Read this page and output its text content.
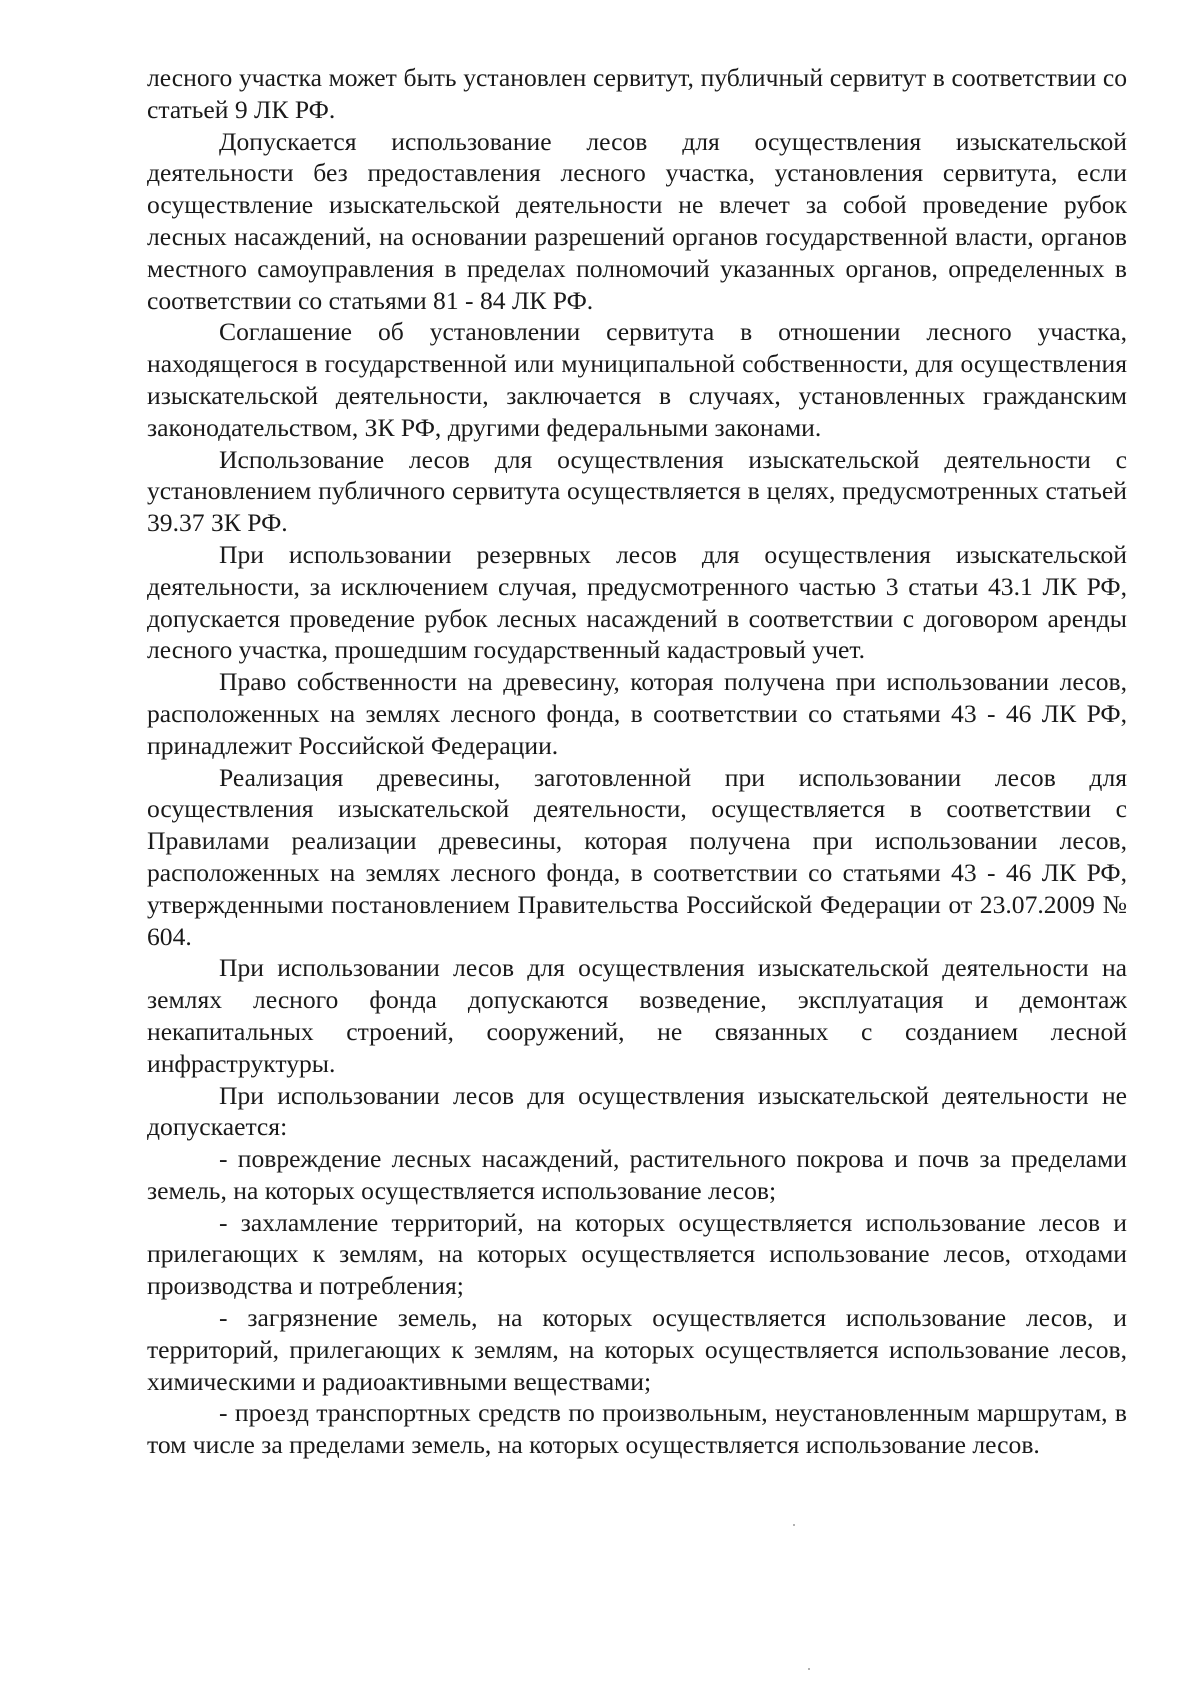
лесного участка может быть установлен сервитут, публичный сервитут в соответствии со статьей 9 ЛК РФ.

Допускается использование лесов для осуществления изыскательской деятельности без предоставления лесного участка, установления сервитута, если осуществление изыскательской деятельности не влечет за собой проведение рубок лесных насаждений, на основании разрешений органов государственной власти, органов местного самоуправления в пределах полномочий указанных органов, определенных в соответствии со статьями 81 - 84 ЛК РФ.

Соглашение об установлении сервитута в отношении лесного участка, находящегося в государственной или муниципальной собственности, для осуществления изыскательской деятельности, заключается в случаях, установленных гражданским законодательством, ЗК РФ, другими федеральными законами.

Использование лесов для осуществления изыскательской деятельности с установлением публичного сервитута осуществляется в целях, предусмотренных статьей 39.37 ЗК РФ.

При использовании резервных лесов для осуществления изыскательской деятельности, за исключением случая, предусмотренного частью 3 статьи 43.1 ЛК РФ, допускается проведение рубок лесных насаждений в соответствии с договором аренды лесного участка, прошедшим государственный кадастровый учет.

Право собственности на древесину, которая получена при использовании лесов, расположенных на землях лесного фонда, в соответствии со статьями 43 - 46 ЛК РФ, принадлежит Российской Федерации.

Реализация древесины, заготовленной при использовании лесов для осуществления изыскательской деятельности, осуществляется в соответствии с Правилами реализации древесины, которая получена при использовании лесов, расположенных на землях лесного фонда, в соответствии со статьями 43 - 46 ЛК РФ, утвержденными постановлением Правительства Российской Федерации от 23.07.2009 № 604.

При использовании лесов для осуществления изыскательской деятельности на землях лесного фонда допускаются возведение, эксплуатация и демонтаж некапитальных строений, сооружений, не связанных с созданием лесной инфраструктуры.

При использовании лесов для осуществления изыскательской деятельности не допускается:

- повреждение лесных насаждений, растительного покрова и почв за пределами земель, на которых осуществляется использование лесов;

- захламление территорий, на которых осуществляется использование лесов и прилегающих к землям, на которых осуществляется использование лесов, отходами производства и потребления;

- загрязнение земель, на которых осуществляется использование лесов, и территорий, прилегающих к землям, на которых осуществляется использование лесов, химическими и радиоактивными веществами;

- проезд транспортных средств по произвольным, неустановленным маршрутам, в том числе за пределами земель, на которых осуществляется использование лесов.
